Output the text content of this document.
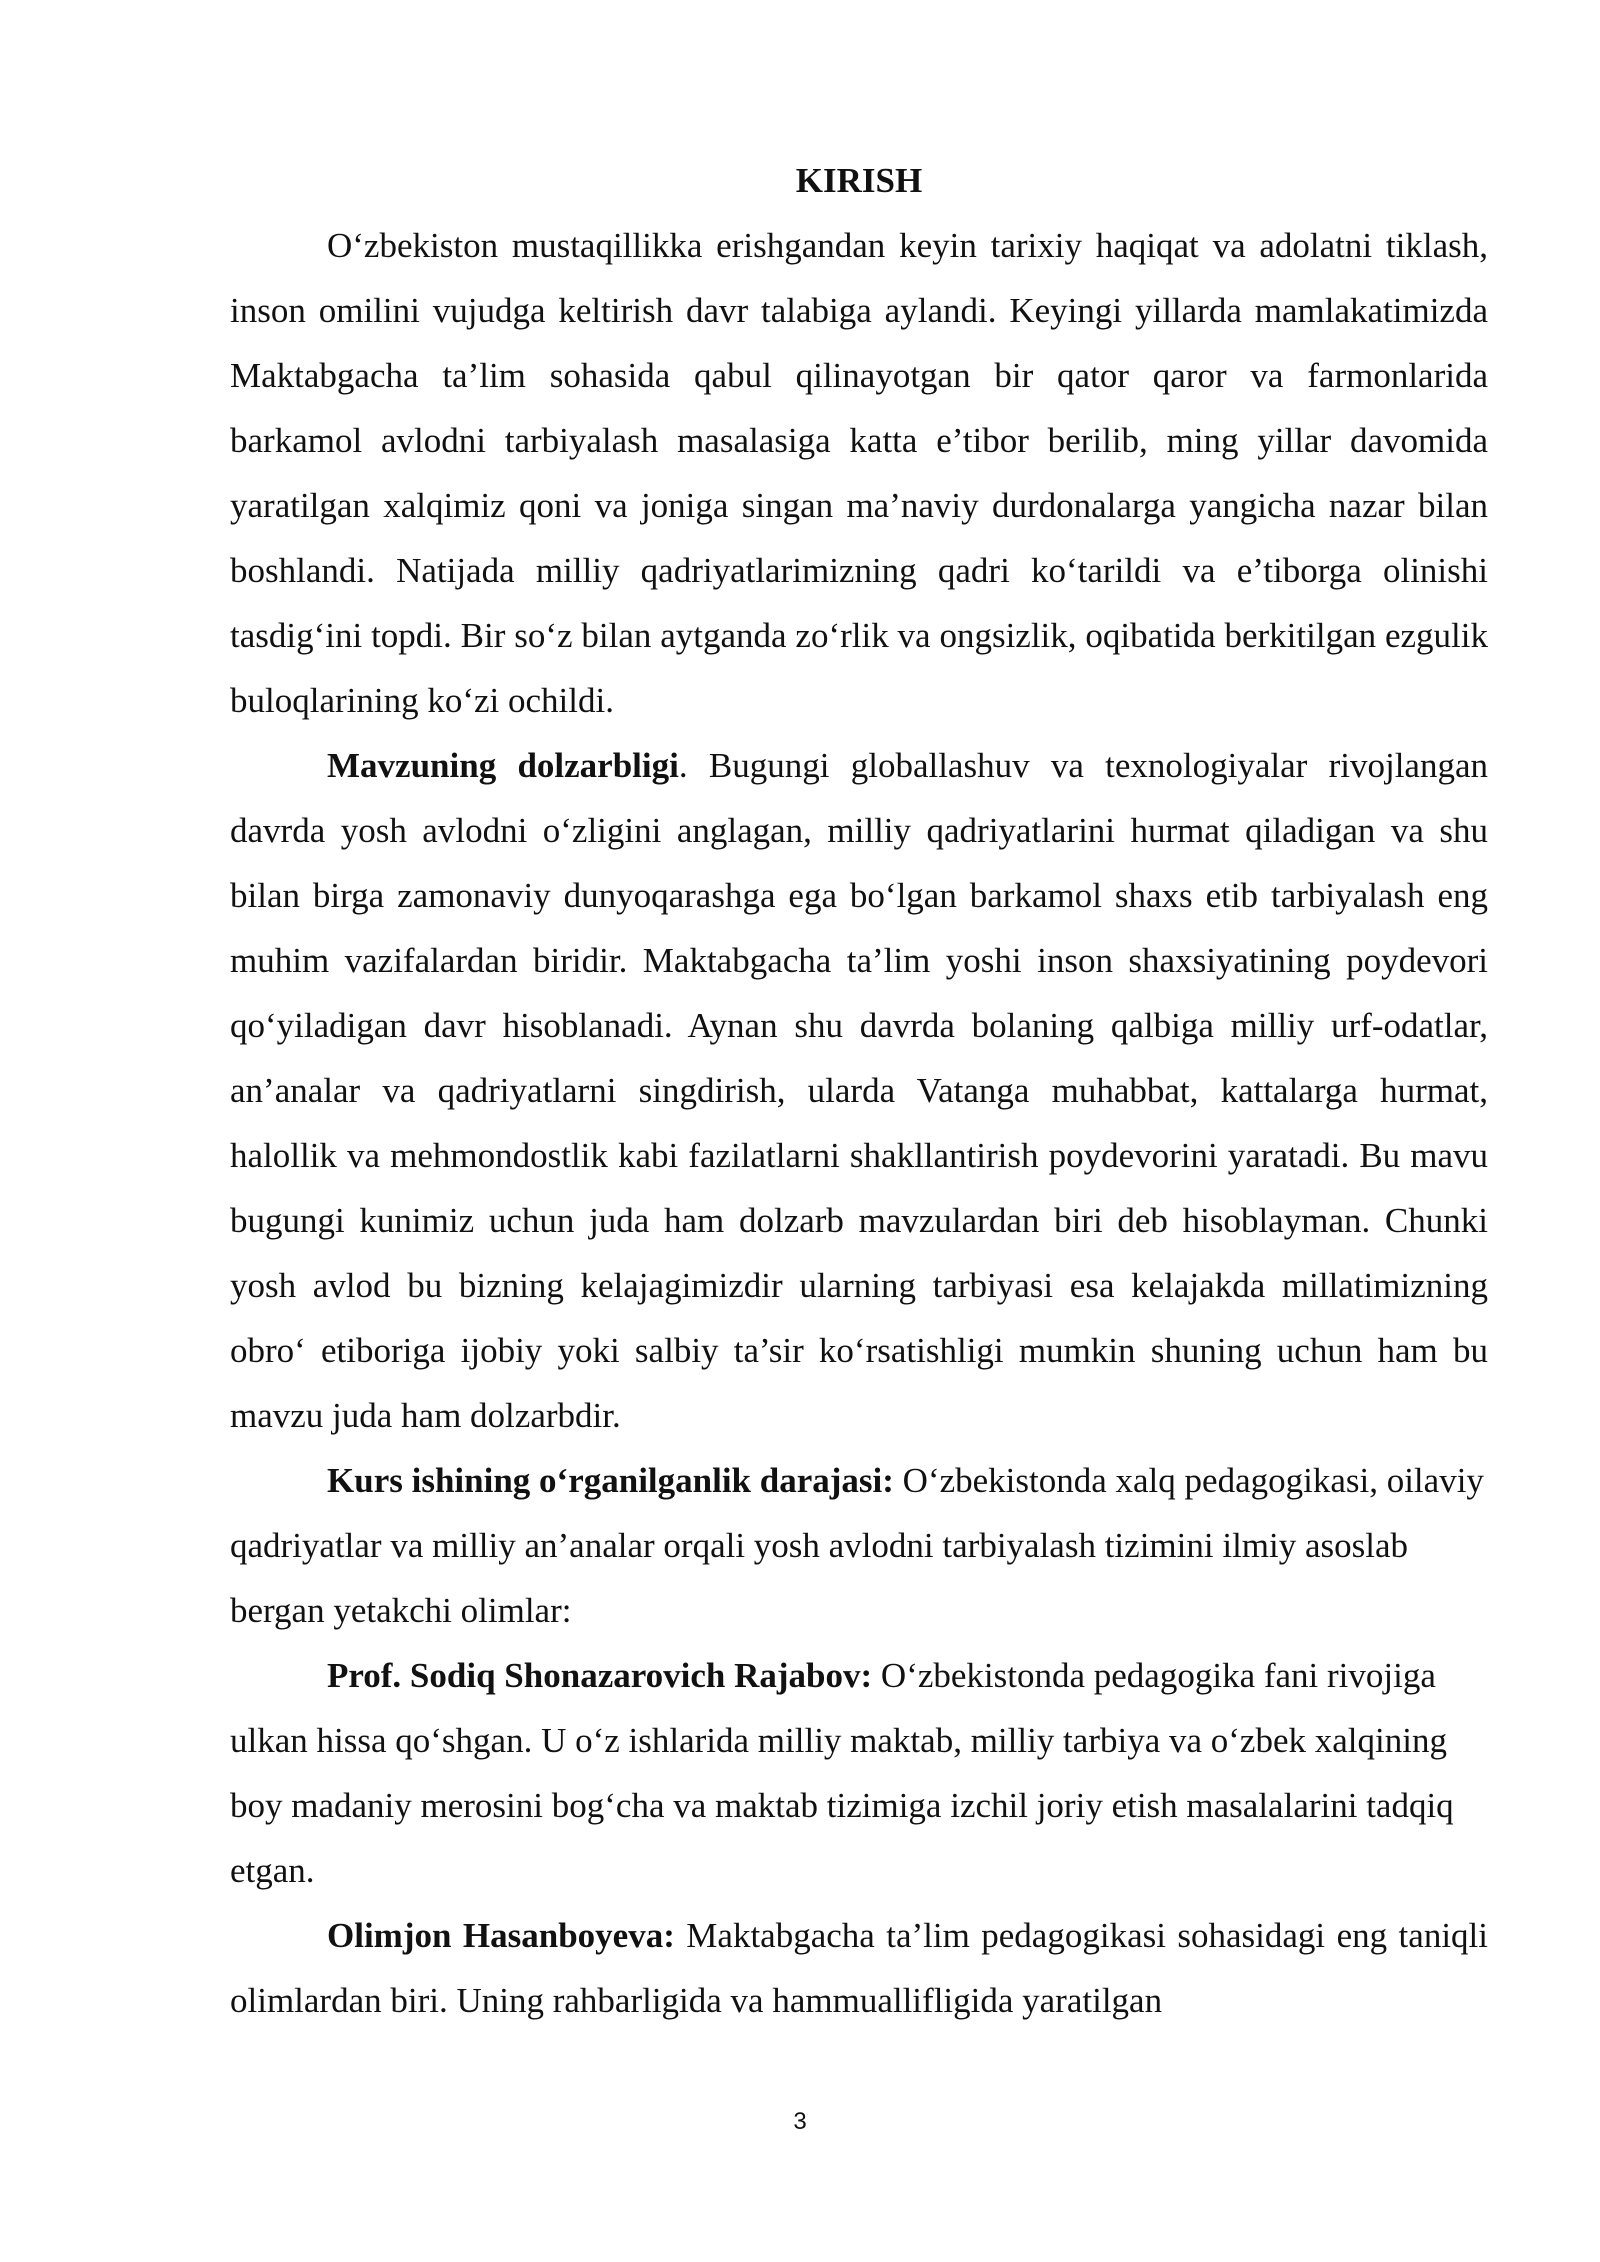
KIRISH

O‘zbekiston mustaqillikka erishgandan keyin tarixiy haqiqat va adolatni tiklash, inson omilini vujudga keltirish davr talabiga aylandi. Keyingi yillarda mamlakatimizda Maktabgacha ta’lim sohasida qabul qilinayotgan bir qator qaror va farmonlarida barkamol avlodni tarbiyalash masalasiga katta e’tibor berilib, ming yillar davomida yaratilgan xalqimiz qoni va joniga singan ma’naviy durdonalarga yangicha nazar bilan boshlandi. Natijada milliy qadriyatlarimizning qadri ko‘tarildi va e’tiborga olinishi tasdig‘ini topdi. Bir so‘z bilan aytganda zo‘rlik va ongsizlik, oqibatida berkitilgan ezgulik buloqlarining ko‘zi ochildi.

Mavzuning dolzarbligi. Bugungi globallashuv va texnologiyalar rivojlangan davrda yosh avlodni o‘zligini anglagan, milliy qadriyatlarini hurmat qiladigan va shu bilan birga zamonaviy dunyoqarashga ega bo‘lgan barkamol shaxs etib tarbiyalash eng muhim vazifalardan biridir. Maktabgacha ta’lim yoshi inson shaxsiyatining poydevori qo‘yiladigan davr hisoblanadi. Aynan shu davrda bolaning qalbiga milliy urf-odatlar, an’analar va qadriyatlarni singdirish, ularda Vatanga muhabbat, kattalarga hurmat, halollik va mehmondostlik kabi fazilatlarni shakllantirish poydevorini yaratadi. Bu mavu bugungi kunimiz uchun juda ham dolzarb mavzulardan biri deb hisoblayman. Chunki yosh avlod bu bizning kelajagimizdir ularning tarbiyasi esa kelajakda millatimizning obro‘ etiboriga ijobiy yoki salbiy ta’sir ko‘rsatishligi mumkin shuning uchun ham bu mavzu juda ham dolzarbdir.

Kurs ishining o‘rganilganlik darajasi: O‘zbekistonda xalq pedagogikasi, oilaviy qadriyatlar va milliy an’analar orqali yosh avlodni tarbiyalash tizimini ilmiy asoslab bergan yetakchi olimlar:

Prof. Sodiq Shonazarovich Rajabov: O‘zbekistonda pedagogika fani rivojiga ulkan hissa qo‘shgan. U o‘z ishlarida milliy maktab, milliy tarbiya va o‘zbek xalqining boy madaniy merosini bog‘cha va maktab tizimiga izchil joriy etish masalalarini tadqiq etgan.

Olimjon Hasanboyeva: Maktabgacha ta’lim pedagogikasi sohasidagi eng taniqli olimlardan biri. Uning rahbarligida va hammuallifligida yaratilgan

3
